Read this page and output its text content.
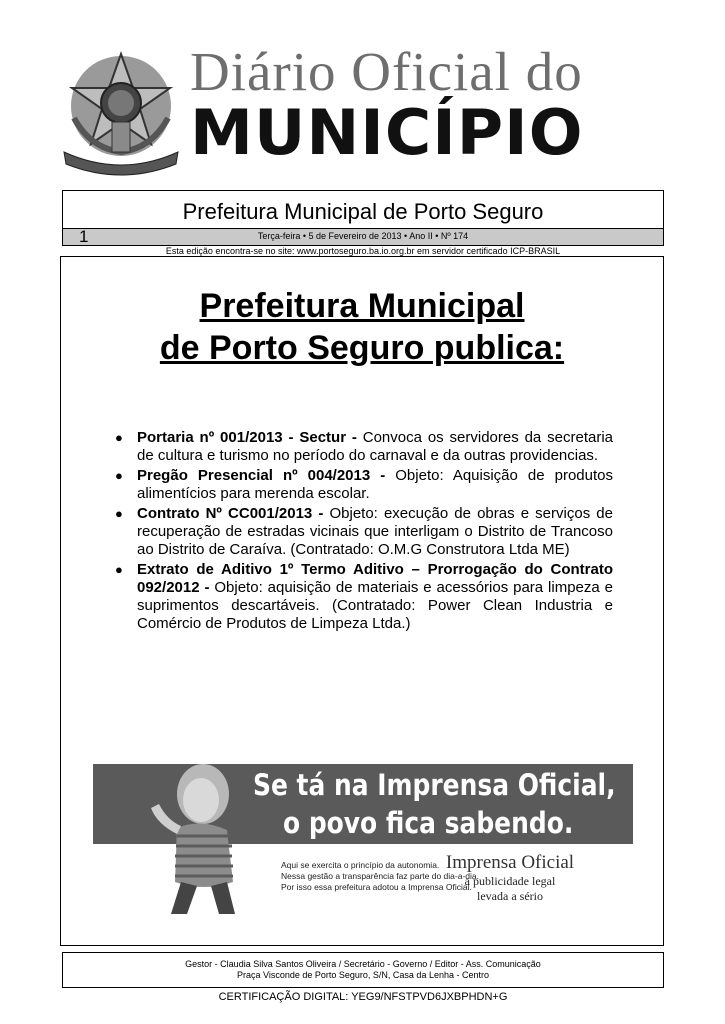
Diário Oficial do
MUNICÍPIO
Prefeitura Municipal de Porto Seguro
1	Terça-feira • 5 de Fevereiro de 2013 • Ano II • Nº 174
Esta edição encontra-se no site: www.portoseguro.ba.io.org.br em servidor certificado ICP-BRASIL
Prefeitura Municipal
de Porto Seguro publica:
● Portaria nº 001/2013 - Sectur - Convoca os servidores da secretaria de cultura e turismo no período do carnaval e da outras providencias.
● Pregão Presencial nº 004/2013 - Objeto: Aquisição de produtos alimentícios para merenda escolar.
● Contrato Nº CC001/2013 - Objeto: execução de obras e serviços de recuperação de estradas vicinais que interligam o Distrito de Trancoso ao Distrito de Caraíva. (Contratado: O.M.G Construtora Ltda ME)
● Extrato de Aditivo 1º Termo Aditivo – Prorrogação do Contrato 092/2012 - Objeto: aquisição de materiais e acessórios para limpeza e suprimentos descartáveis. (Contratado: Power Clean Industria e Comércio de Produtos de Limpeza Ltda.)
Se tá na Imprensa Oficial,
o povo fica sabendo.
Aqui se exercita o princípio da autonomia.
Nessa gestão a transparência faz parte do dia-a-dia.
Por isso essa prefeitura adotou a Imprensa Oficial.
Imprensa Oficial
a publicidade legal
levada a sério
Gestor - Claudia Silva Santos Oliveira / Secretário - Governo / Editor - Ass. Comunicação
Praça Visconde de Porto Seguro, S/N, Casa da Lenha - Centro
CERTIFICAÇÃO DIGITAL: YEG9/NFSTPVD6JXBPHDN+G
